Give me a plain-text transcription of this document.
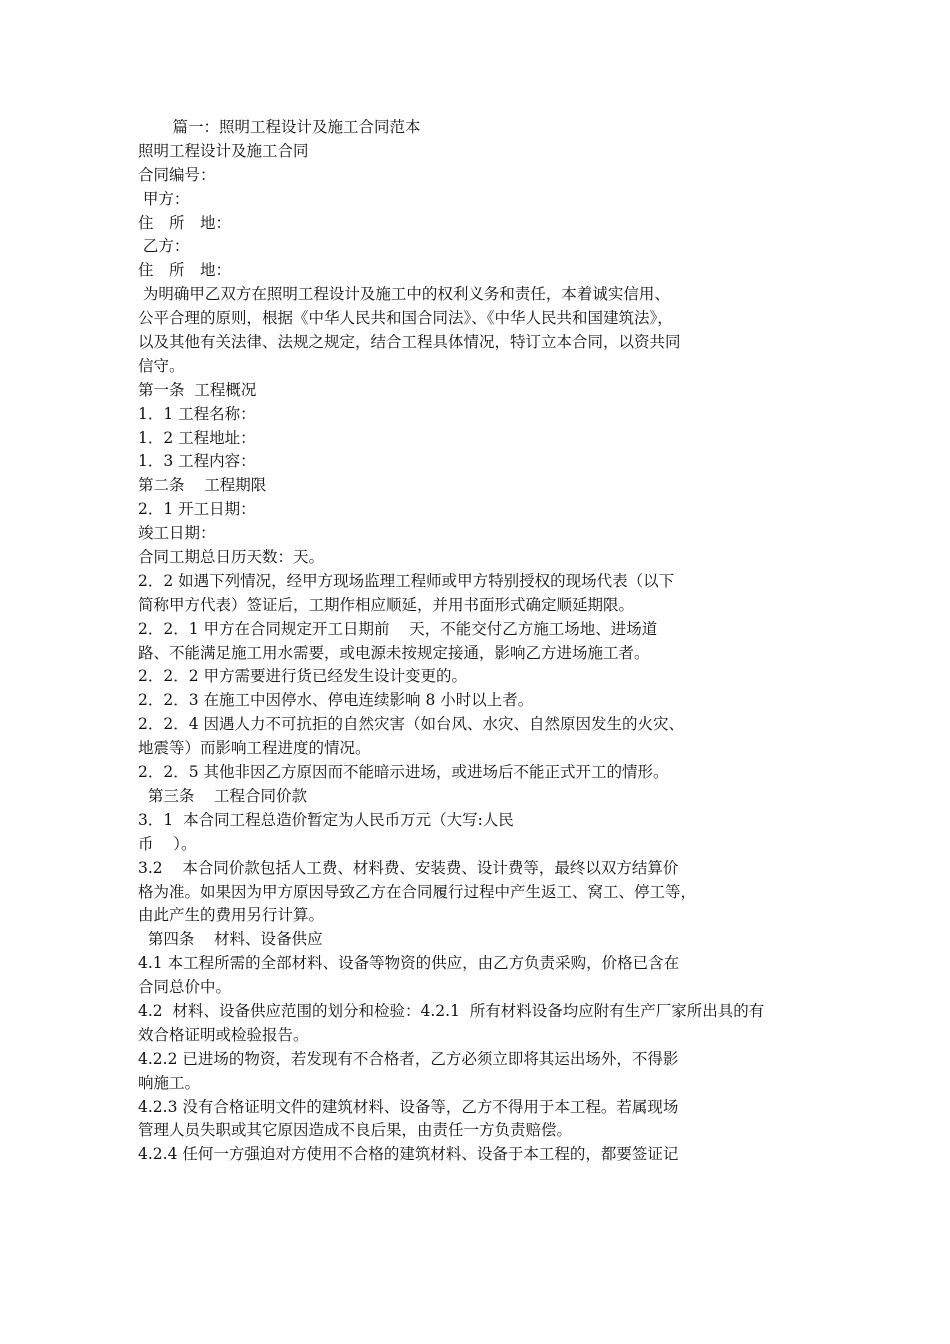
篇一：照明工程设计及施工合同范本
照明工程设计及施工合同
合同编号：
甲方：
住　所　地：
乙方：
住　所　地：
为明确甲乙双方在照明工程设计及施工中的权利义务和责任，本着诚实信用、
公平合理的原则，根据《中华人民共和国合同法》、《中华人民共和国建筑法》，
以及其他有关法律、法规之规定，结合工程具体情况，特订立本合同，以资共同
信守。
第一条  工程概况
1．1 工程名称：
1．2 工程地址：
1．3 工程内容：
第二条    工程期限
2．1 开工日期：
竣工日期：
合同工期总日历天数：天。
2．2 如遇下列情况，经甲方现场监理工程师或甲方特别授权的现场代表（以下
简称甲方代表）签证后，工期作相应顺延，并用书面形式确定顺延期限。
2．2．1 甲方在合同规定开工日期前    天，不能交付乙方施工场地、进场道
路、不能满足施工用水需要，或电源未按规定接通，影响乙方进场施工者。
2．2．2 甲方需要进行货已经发生设计变更的。
2．2．3 在施工中因停水、停电连续影响 8 小时以上者。
2．2．4 因遇人力不可抗拒的自然灾害（如台风、水灾、自然原因发生的火灾、
地震等）而影响工程进度的情况。
2．2．5 其他非因乙方原因而不能暗示进场，或进场后不能正式开工的情形。
第三条    工程合同价款
3．1  本合同工程总造价暂定为人民币万元（大写:人民
币    ）。
3.2    本合同价款包括人工费、材料费、安装费、设计费等，最终以双方结算价
格为准。如果因为甲方原因导致乙方在合同履行过程中产生返工、窝工、停工等，
由此产生的费用另行计算。
第四条    材料、设备供应
4.1 本工程所需的全部材料、设备等物资的供应，由乙方负责采购，价格已含在
合同总价中。
4.2  材料、设备供应范围的划分和检验：4.2.1  所有材料设备均应附有生产厂家所出具的有
效合格证明或检验报告。
4.2.2 已进场的物资，若发现有不合格者，乙方必须立即将其运出场外，不得影
响施工。
4.2.3 没有合格证明文件的建筑材料、设备等，乙方不得用于本工程。若属现场
管理人员失职或其它原因造成不良后果，由责任一方负责赔偿。
4.2.4 任何一方强迫对方使用不合格的建筑材料、设备于本工程的，都要签证记
